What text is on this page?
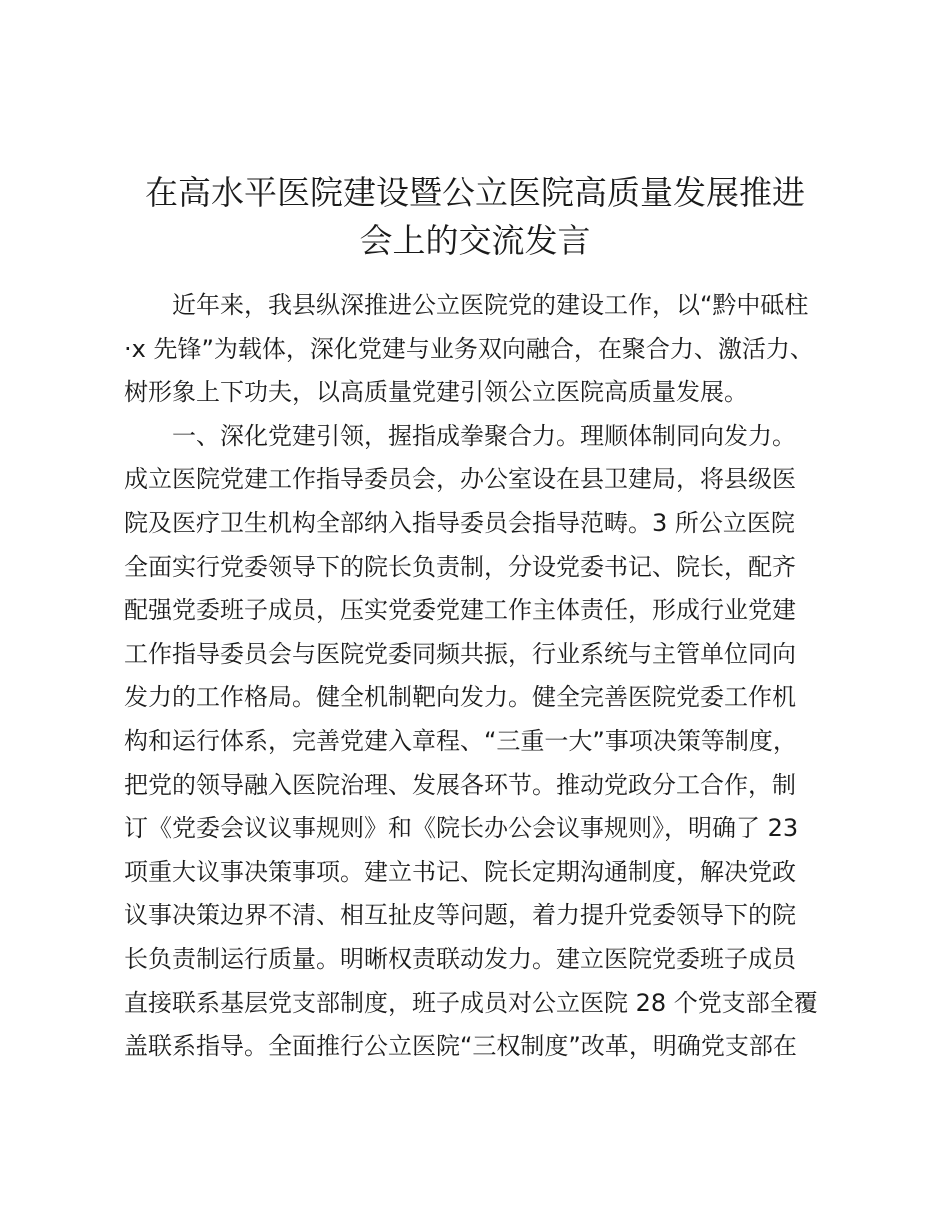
在高水平医院建设暨公立医院高质量发展推进
会上的交流发言
近年来，我县纵深推进公立医院党的建设工作，以“黔中砥柱
·x 先锋”为载体，深化党建与业务双向融合，在聚合力、激活力、
树形象上下功夫，以高质量党建引领公立医院高质量发展。
一、深化党建引领，握指成拳聚合力。理顺体制同向发力。
成立医院党建工作指导委员会，办公室设在县卫建局，将县级医
院及医疗卫生机构全部纳入指导委员会指导范畴。3 所公立医院
全面实行党委领导下的院长负责制，分设党委书记、院长，配齐
配强党委班子成员，压实党委党建工作主体责任，形成行业党建
工作指导委员会与医院党委同频共振，行业系统与主管单位同向
发力的工作格局。健全机制靶向发力。健全完善医院党委工作机
构和运行体系，完善党建入章程、“三重一大”事项决策等制度，
把党的领导融入医院治理、发展各环节。推动党政分工合作，制
订《党委会议议事规则》和《院长办公会议事规则》，明确了 23
项重大议事决策事项。建立书记、院长定期沟通制度，解决党政
议事决策边界不清、相互扯皮等问题，着力提升党委领导下的院
长负责制运行质量。明晰权责联动发力。建立医院党委班子成员
直接联系基层党支部制度，班子成员对公立医院 28 个党支部全覆
盖联系指导。全面推行公立医院“三权制度”改革，明确党支部在
